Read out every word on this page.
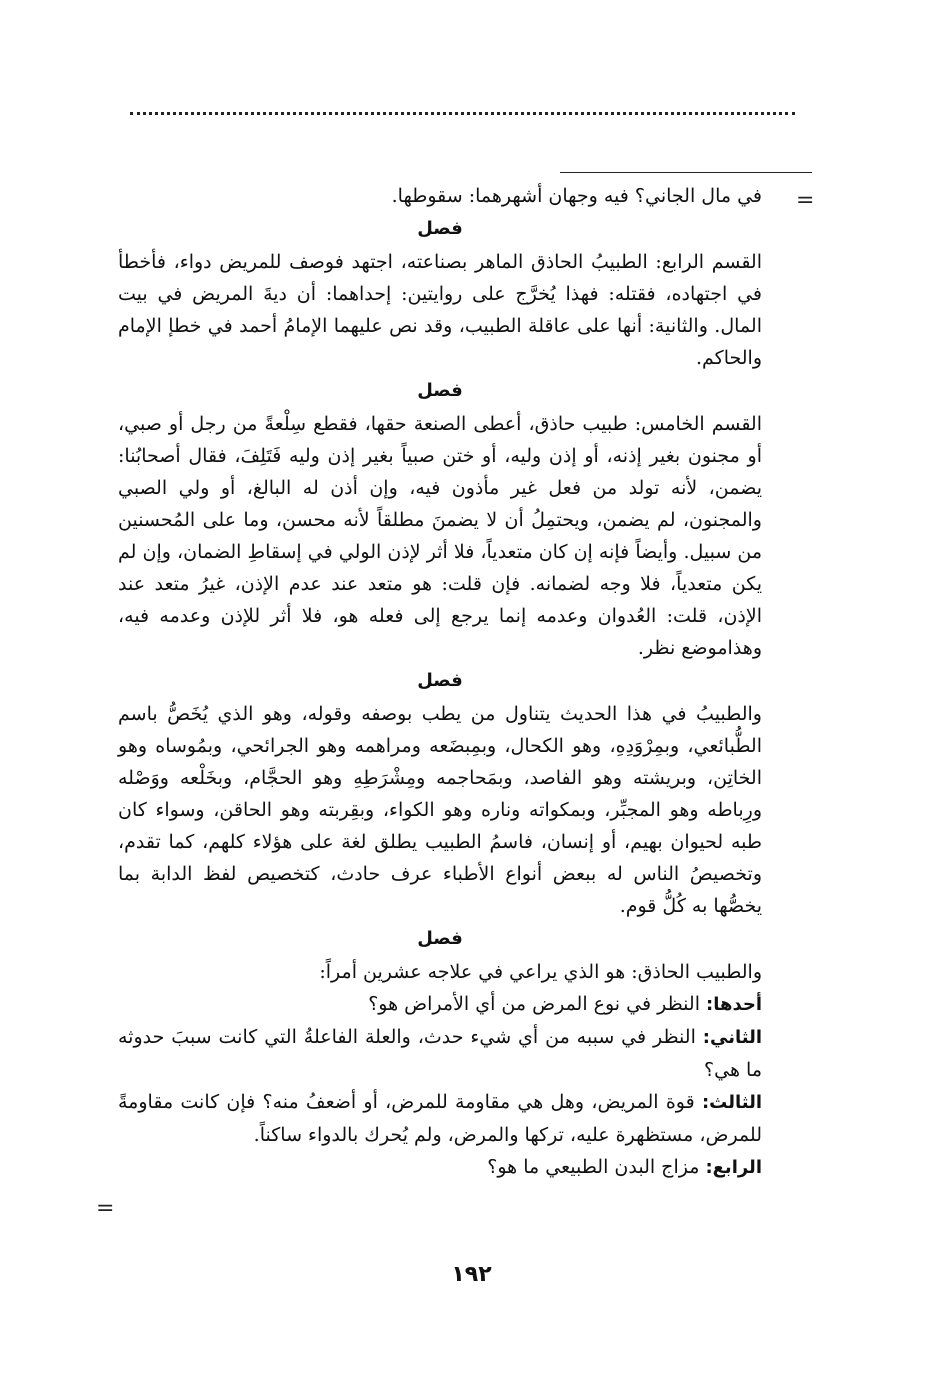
=
=

في مال الجاني؟ فيه وجهان أشهرهما: سقوطها.

فصل

القسم الرابع: الطبيبُ الحاذق الماهر بصناعته، اجتهد فوصف للمريض دواء، فأخطأ في اجتهاده، فقتله: فهذا يُخرَّج على روايتين: إحداهما: أن ديةَ المريض في بيت المال. والثانية: أنها على عاقلة الطبيب، وقد نص عليهما الإمامُ أحمد في خطإ الإمام والحاكم.

فصل

القسم الخامس: طبيب حاذق، أعطى الصنعة حقها، فقطع سِلْعةً من رجل أو صبي، أو مجنون بغير إذنه، أو إذن وليه، أو ختن صبياً بغير إذن وليه فَتَلِفَ، فقال أصحابُنا: يضمن، لأنه تولد من فعل غير مأذون فيه، وإن أذن له البالغ، أو ولي الصبي والمجنون، لم يضمن، ويحتمِلُ أن لا يضمنَ مطلقاً لأنه محسن، وما على المُحسنين من سبيل. وأيضاً فإنه إن كان متعدياً، فلا أثر لإذن الولي في إسقاطِ الضمان، وإن لم يكن متعدياً، فلا وجه لضمانه. فإن قلت: هو متعد عند عدم الإذن، غيرُ متعد عند الإذن، قلت: العُدوان وعدمه إنما يرجع إلى فعله هو، فلا أثر للإذن وعدمه فيه، وهذاموضع نظر.

فصل

والطبيبُ في هذا الحديث يتناول من يطب بوصفه وقوله، وهو الذي يُخَصُّ باسم الطُّبائعي، وبمِرْوَدِهِ، وهو الكحال، وبمِبضَعه ومراهمه وهو الجرائحي، وبمُوساه وهو الخاتِن، وبريشته وهو الفاصد، وبمَحاجمه ومِشْرَطِهِ وهو الحجَّام، وبخَلْعه ووَصْله ورِباطه وهو المجبِّر، وبمكواته وناره وهو الكواء، وبقِربته وهو الحاقن، وسواء كان طبه لحيوان بهيم، أو إنسان، فاسمُ الطبيب يطلق لغة على هؤلاء كلهم، كما تقدم، وتخصيصُ الناس له ببعض أنواع الأطباء عرف حادث، كتخصيص لفظ الدابة بما يخصُّها به كُلُّ قوم.

فصل

والطبيب الحاذق: هو الذي يراعي في علاجه عشرين أمراً:

أحدها: النظر في نوع المرض من أي الأمراض هو؟

الثاني: النظر في سببه من أي شيء حدث، والعلة الفاعلةُ التي كانت سببَ حدوثه ما هي؟

الثالث: قوة المريض، وهل هي مقاومة للمرض، أو أضعفُ منه؟ فإن كانت مقاومةً للمرض، مستظهرة عليه، تركها والمرض، ولم يُحرك بالدواء ساكناً.

الرابع: مزاج البدن الطبيعي ما هو؟

١٩٢
